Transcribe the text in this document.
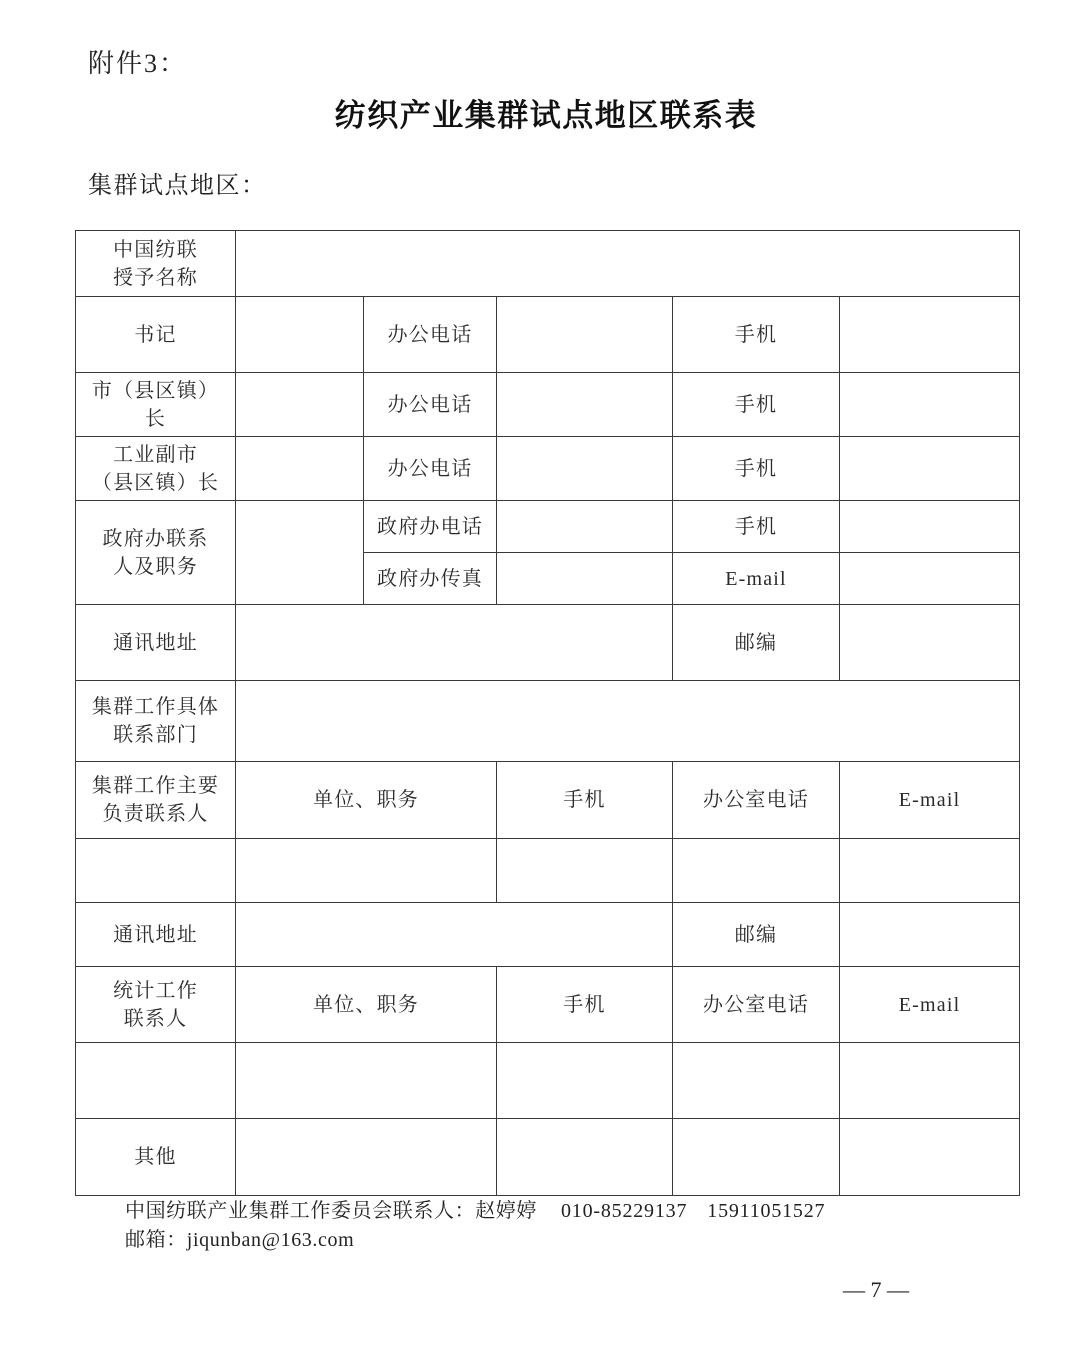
附件3：
纺织产业集群试点地区联系表
集群试点地区：
中国纺联
授予名称					

书记		办公电话		手机	

市（县区镇）
长		办公电话		手机	

工业副市
（县区镇）长		办公电话		手机	

政府办联系
人及职务		政府办电话		手机	
		政府办传真		E-mail	
通讯地址				邮编	

集群工作具体
联系部门					

集群工作主要
负责联系人	单位、职务		手机	办公室电话	E-mail

通讯地址				邮编	

统计工作
联系人	单位、职务		手机	办公室电话	E-mail

其他					
中国纺联产业集群工作委员会联系人：赵婷婷 010-85229137 15911051527
邮箱：jiqunban@163.com
— 7 —
